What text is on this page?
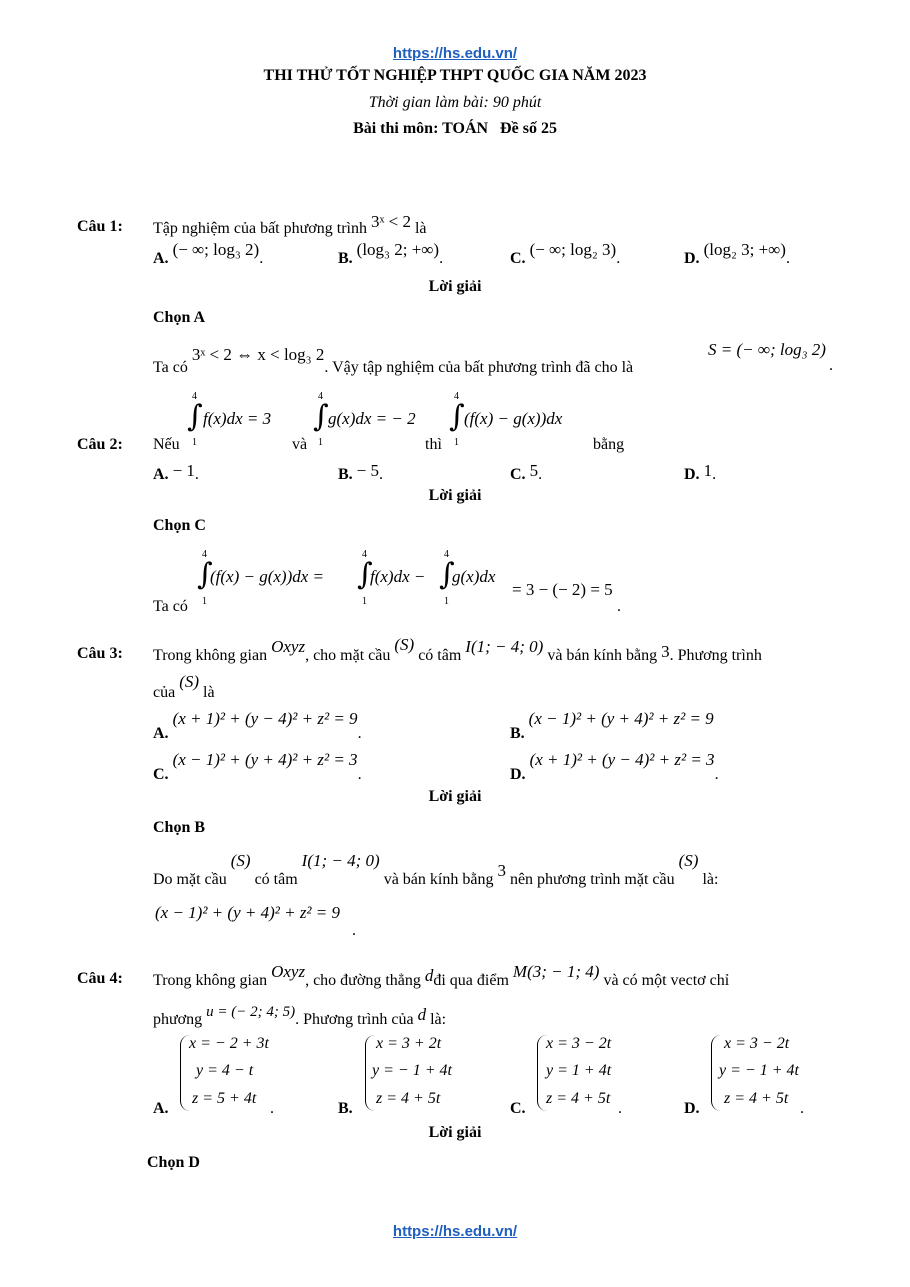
https://hs.edu.vn/
THI THỬ TỐT NGHIỆP THPT QUỐC GIA NĂM 2023
Thời gian làm bài: 90 phút
Bài thi môn: TOÁN   Đề số 25
Câu 1: Tập nghiệm của bất phương trình 3ˣ < 2 là
A. (− ∞; log₃ 2).	B. (log₃ 2; +∞).	C. (− ∞; log₂ 3).	D. (log₂ 3; +∞).
Lời giải
Chọn A
Ta có 3ˣ < 2 ⇔ x < log₃ 2. Vậy tập nghiệm của bất phương trình đã cho là
S = (− ∞; log₃ 2)
.
Câu 2: Nếu
4
∫
1
f(x)dx = 3
và
4
∫
1
g(x)dx = − 2
thì
4
∫
1
(f(x) − g(x))dx
bằng
A. − 1.	B. − 5.	C. 5.	D. 1.
Lời giải
Chọn C
Ta có
4
∫
1
(f(x) − g(x))dx =
4
∫
1
f(x)dx −
4
∫
1
g(x)dx
= 3 − (− 2) = 5
.
Câu 3: Trong không gian Oxyz, cho mặt cầu (S) có tâm I(1; − 4; 0) và bán kính bằng 3. Phương trình
của (S) là
A. (x + 1)² + (y − 4)² + z² = 9.	B. (x − 1)² + (y + 4)² + z² = 9
C. (x − 1)² + (y + 4)² + z² = 3.	D. (x + 1)² + (y − 4)² + z² = 3.
Lời giải
Chọn B
Do mặt cầu (S) có tâm I(1; − 4; 0) và bán kính bằng 3 nên phương trình mặt cầu (S) là:
(x − 1)² + (y + 4)² + z² = 9
.
Câu 4: Trong không gian Oxyz, cho đường thẳng dđi qua điểm M(3; − 1; 4) và có một vectơ chỉ
phương u = (− 2; 4; 5). Phương trình của d là:
A.
x = − 2 + 3t
y = 4 − t
z = 5 + 4t
.	B.
x = 3 + 2t
y = − 1 + 4t
z = 4 + 5t
C.
x = 3 − 2t
y = 1 + 4t
z = 4 + 5t
.	D.
x = 3 − 2t
y = − 1 + 4t
z = 4 + 5t
.
Lời giải
Chọn D
https://hs.edu.vn/
